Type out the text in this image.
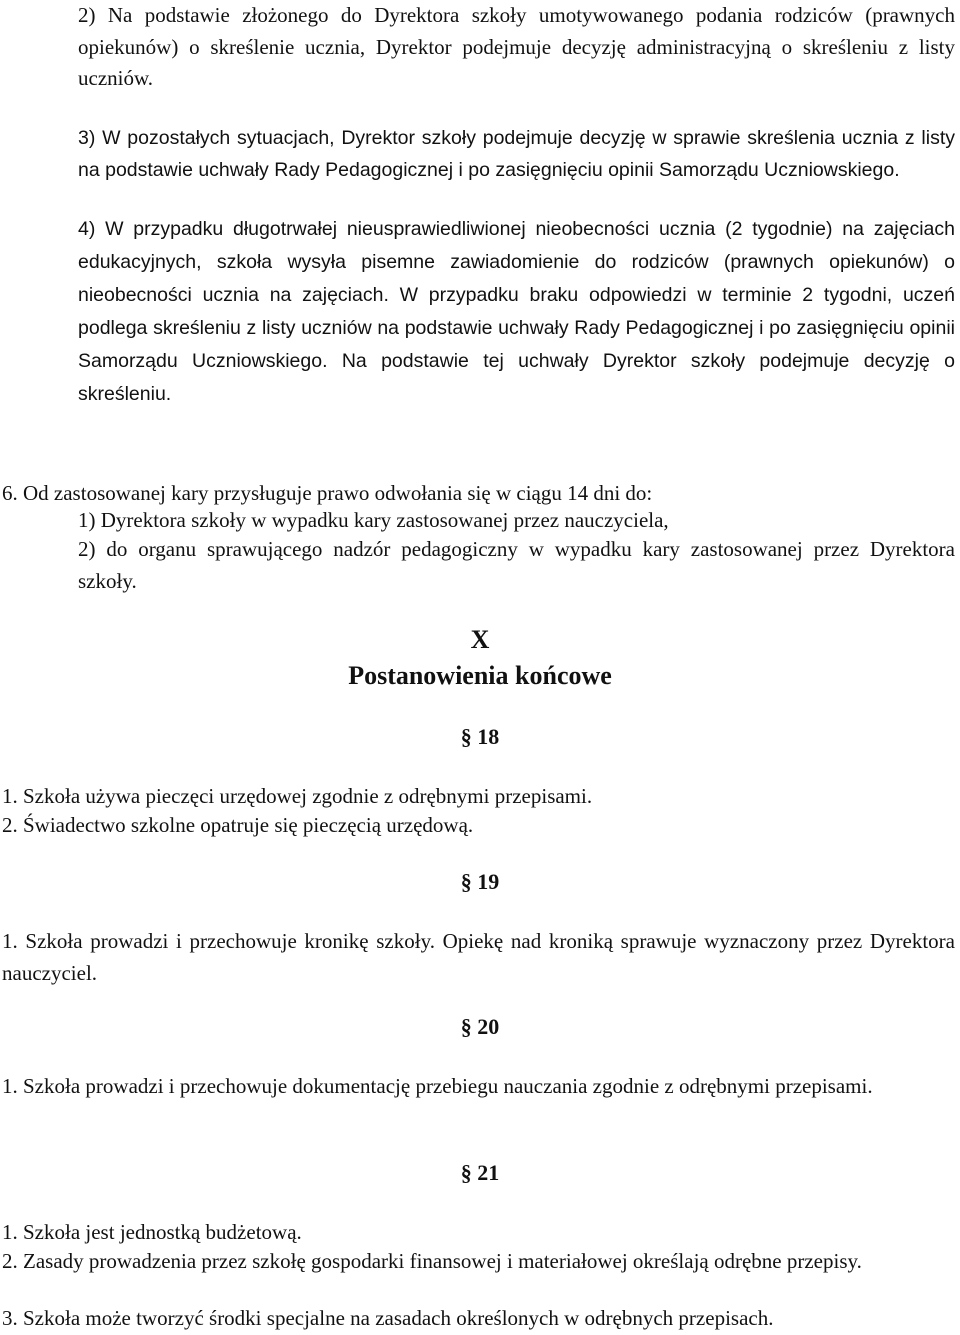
2) Na podstawie złożonego do Dyrektora szkoły umotywowanego podania rodziców (prawnych opiekunów) o skreślenie ucznia, Dyrektor podejmuje decyzję administracyjną o skreśleniu z listy uczniów.

3) W pozostałych sytuacjach, Dyrektor szkoły podejmuje decyzję w sprawie skreślenia ucznia z listy na podstawie uchwały Rady Pedagogicznej i po zasięgnięciu opinii Samorządu Uczniowskiego.

4) W przypadku długotrwałej nieusprawiedliwionej nieobecności ucznia (2 tygodnie) na zajęciach edukacyjnych, szkoła wysyła pisemne zawiadomienie do rodziców (prawnych opiekunów) o nieobecności ucznia na zajęciach. W przypadku braku odpowiedzi w terminie 2 tygodni, uczeń podlega skreśleniu z listy uczniów na podstawie uchwały Rady Pedagogicznej i po zasięgnięciu opinii Samorządu Uczniowskiego. Na podstawie tej uchwały Dyrektor szkoły podejmuje decyzję o skreśleniu.

6. Od zastosowanej kary przysługuje prawo odwołania się w ciągu 14 dni do:

1) Dyrektora szkoły w wypadku kary zastosowanej przez nauczyciela,

2) do organu sprawującego nadzór pedagogiczny w wypadku kary zastosowanej przez Dyrektora szkoły.

X

Postanowienia końcowe

§ 18

1. Szkoła używa pieczęci urzędowej zgodnie z odrębnymi przepisami.

2. Świadectwo szkolne opatruje się pieczęcią urzędową.

§ 19

1. Szkoła prowadzi i przechowuje kronikę szkoły. Opiekę nad kroniką sprawuje wyznaczony przez Dyrektora nauczyciel.

§ 20

1. Szkoła prowadzi i przechowuje dokumentację przebiegu nauczania zgodnie z odrębnymi przepisami.

§ 21

1. Szkoła jest jednostką budżetową.

2. Zasady prowadzenia przez szkołę gospodarki finansowej i materiałowej określają odrębne przepisy.

3. Szkoła może tworzyć środki specjalne na zasadach określonych w odrębnych przepisach.
